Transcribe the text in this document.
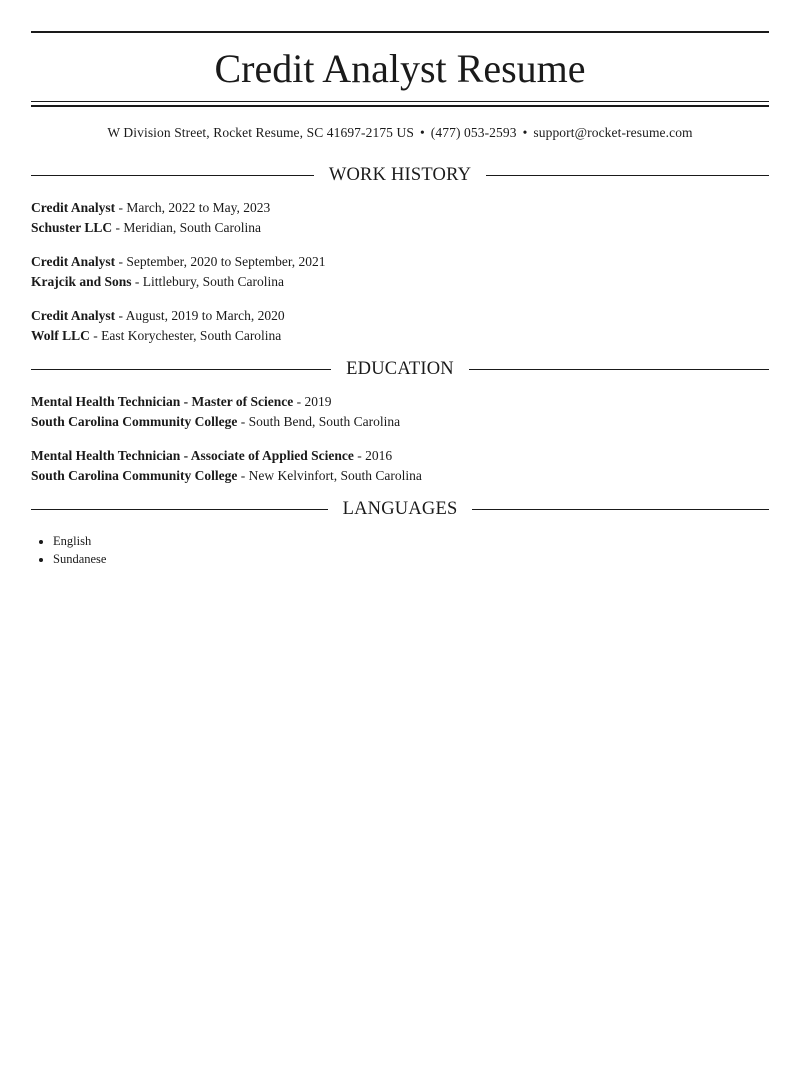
Credit Analyst Resume
W Division Street, Rocket Resume, SC 41697-2175 US • (477) 053-2593 • support@rocket-resume.com
WORK HISTORY
Credit Analyst - March, 2022 to May, 2023
Schuster LLC - Meridian, South Carolina
Credit Analyst - September, 2020 to September, 2021
Krajcik and Sons - Littlebury, South Carolina
Credit Analyst - August, 2019 to March, 2020
Wolf LLC - East Korychester, South Carolina
EDUCATION
Mental Health Technician - Master of Science - 2019
South Carolina Community College - South Bend, South Carolina
Mental Health Technician - Associate of Applied Science - 2016
South Carolina Community College - New Kelvinfort, South Carolina
LANGUAGES
• English
• Sundanese
